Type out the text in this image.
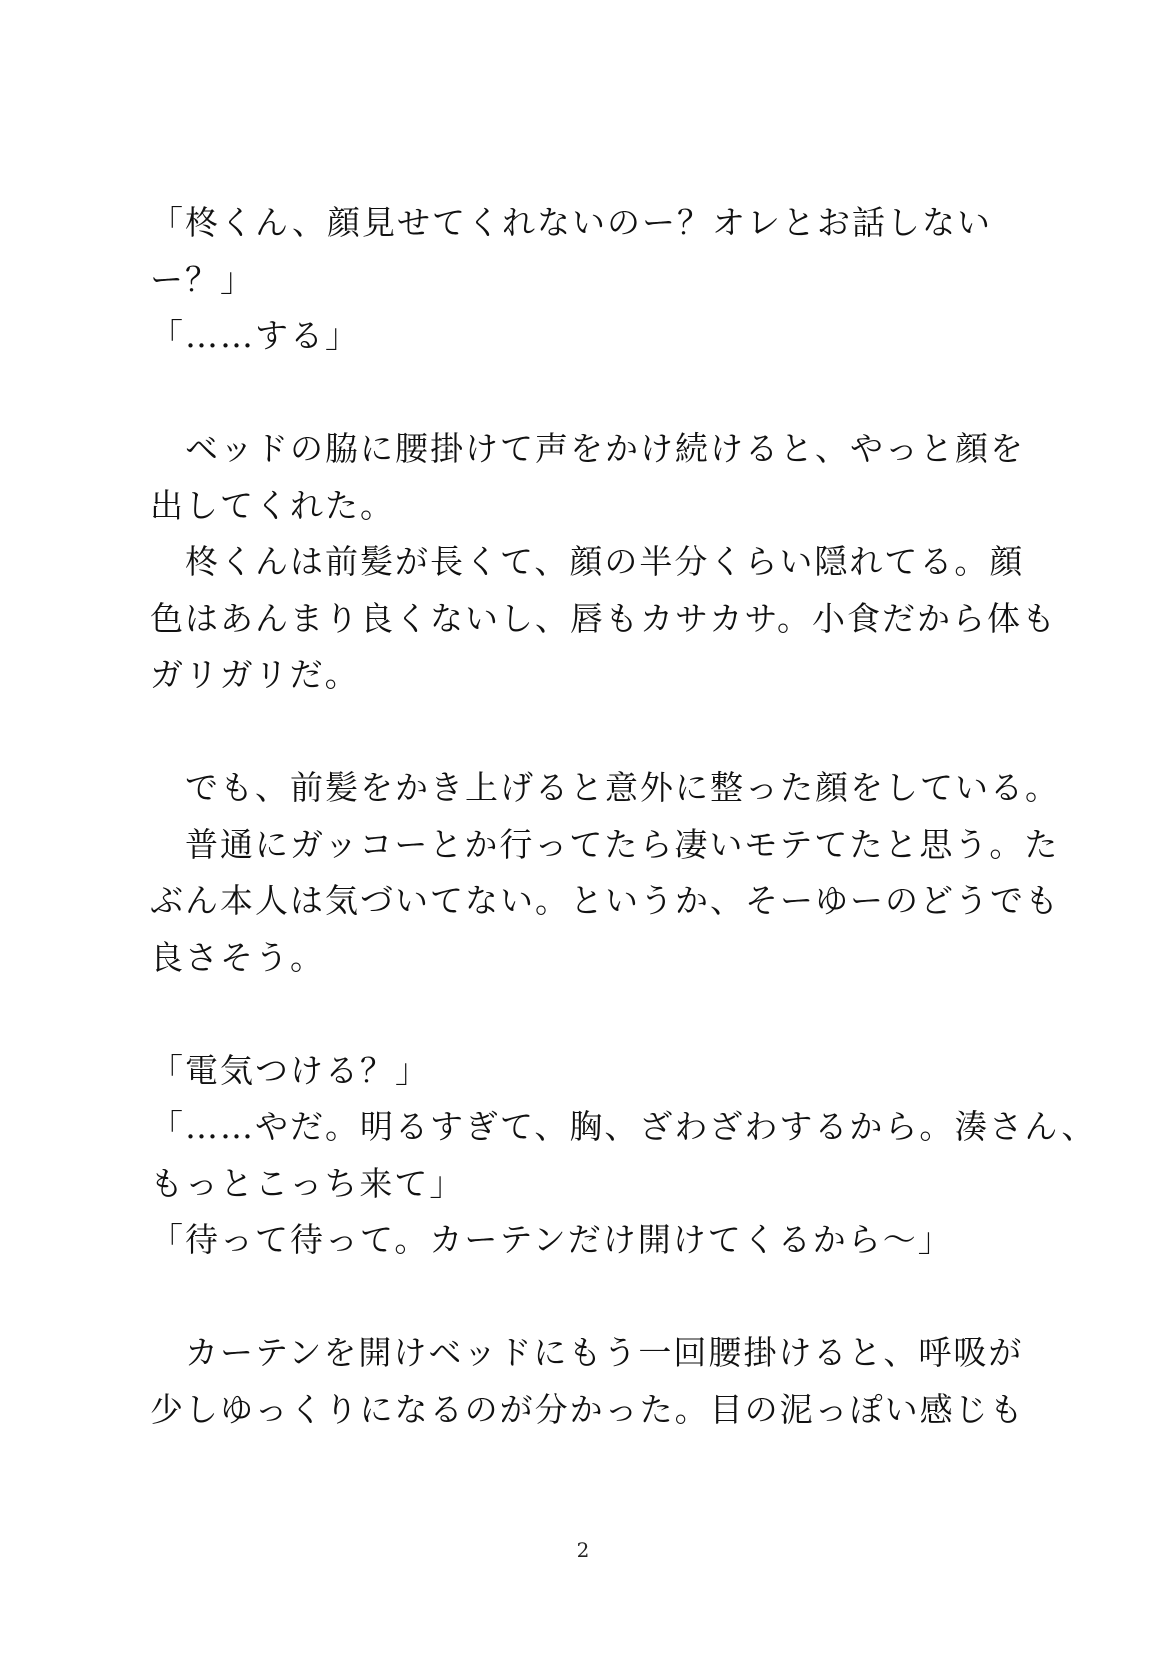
「柊くん、顔見せてくれないのー？オレとお話しない
ー？」
「……する」
　ベッドの脇に腰掛けて声をかけ続けると、やっと顔を
出してくれた。
　柊くんは前髪が長くて、顔の半分くらい隠れてる。顔
色はあんまり良くないし、唇もカサカサ。小食だから体も
ガリガリだ。
　でも、前髪をかき上げると意外に整った顔をしている。
　普通にガッコーとか行ってたら凄いモテてたと思う。た
ぶん本人は気づいてない。というか、そーゆーのどうでも
良さそう。
「電気つける？」
「……やだ。明るすぎて、胸、ざわざわするから。湊さん、
もっとこっち来て」
「待って待って。カーテンだけ開けてくるから～」
　カーテンを開けベッドにもう一回腰掛けると、呼吸が
少しゆっくりになるのが分かった。目の泥っぽい感じも
2
